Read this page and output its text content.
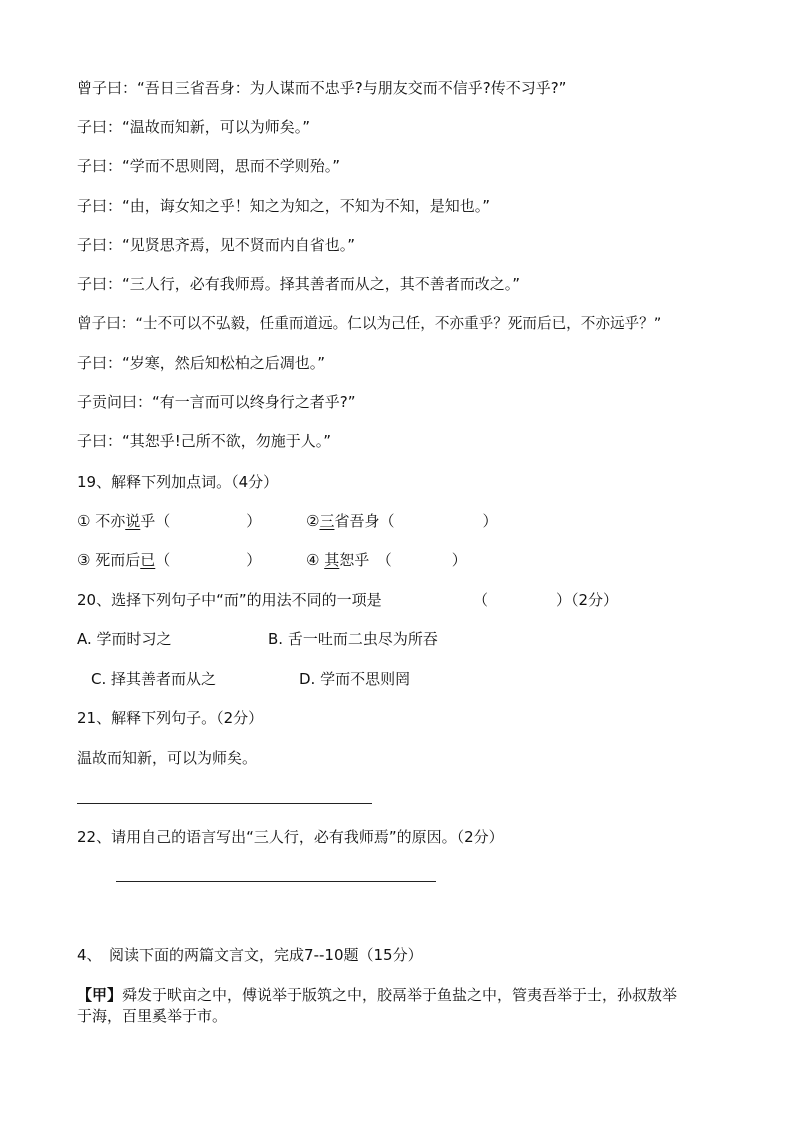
曾子曰：“吾日三省吾身：为人谋而不忠乎?与朋友交而不信乎?传不习乎?”
子曰：“温故而知新，可以为师矣。”
子曰：“学而不思则罔，思而不学则殆。”
子曰：“由，诲女知之乎！知之为知之，不知为不知，是知也。”
子曰：“见贤思齐焉，见不贤而内自省也。”
子曰：“三人行，必有我师焉。择其善者而从之，其不善者而改之。”
曾子曰：“士不可以不弘毅，任重而道远。仁以为己任，不亦重乎？死而后已，不亦远乎？”
子曰：“岁寒，然后知松柏之后凋也。”
子贡问曰：“有一言而可以终身行之者乎?”
子曰：“其恕乎!己所不欲，勿施于人。”
19、解释下列加点词。（4分）
① 不亦说乎（	）	②三省吾身（	）
③ 死而后已（	）	④ 其恕乎　（	）
20、选择下列句子中“而”的用法不同的一项是	（	）（2分）
A. 学而时习之	B. 舌一吐而二虫尽为所吞
C. 择其善者而从之	D. 学而不思则罔
21、解释下列句子。（2分）
温故而知新，可以为师矣。
22、请用自己的语言写出“三人行，必有我师焉”的原因。（2分）
4、　阅读下面的两篇文言文，完成7--10题（15分）
【甲】舜发于畎亩之中，傅说举于版筑之中，胶鬲举于鱼盐之中，管夷吾举于士，孙叔敖举
于海，百里奚举于市。
